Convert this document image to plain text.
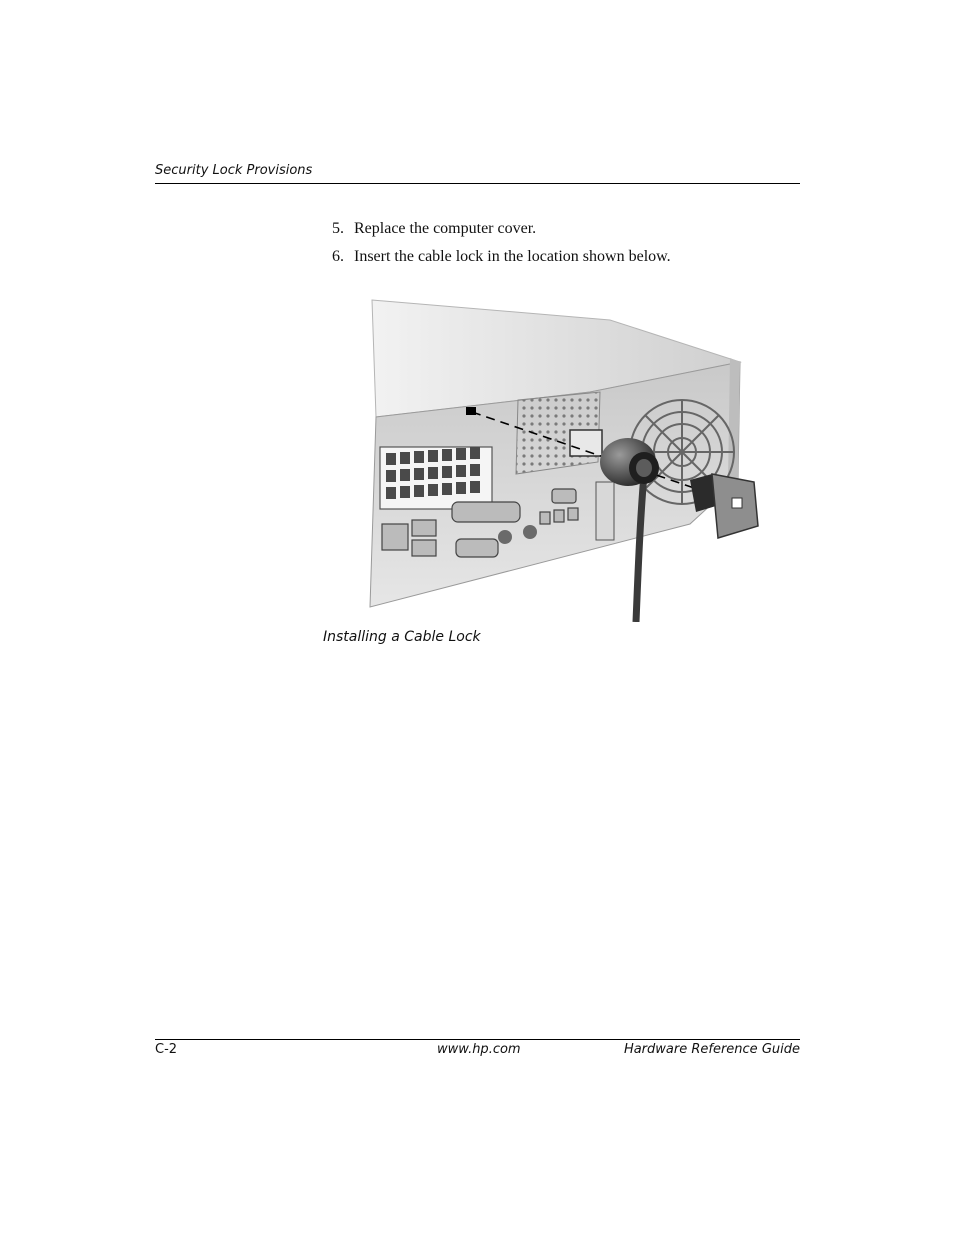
Security Lock Provisions
5. Replace the computer cover.
6. Insert the cable lock in the location shown below.
Installing a Cable Lock
C-2	www.hp.com	Hardware Reference Guide
